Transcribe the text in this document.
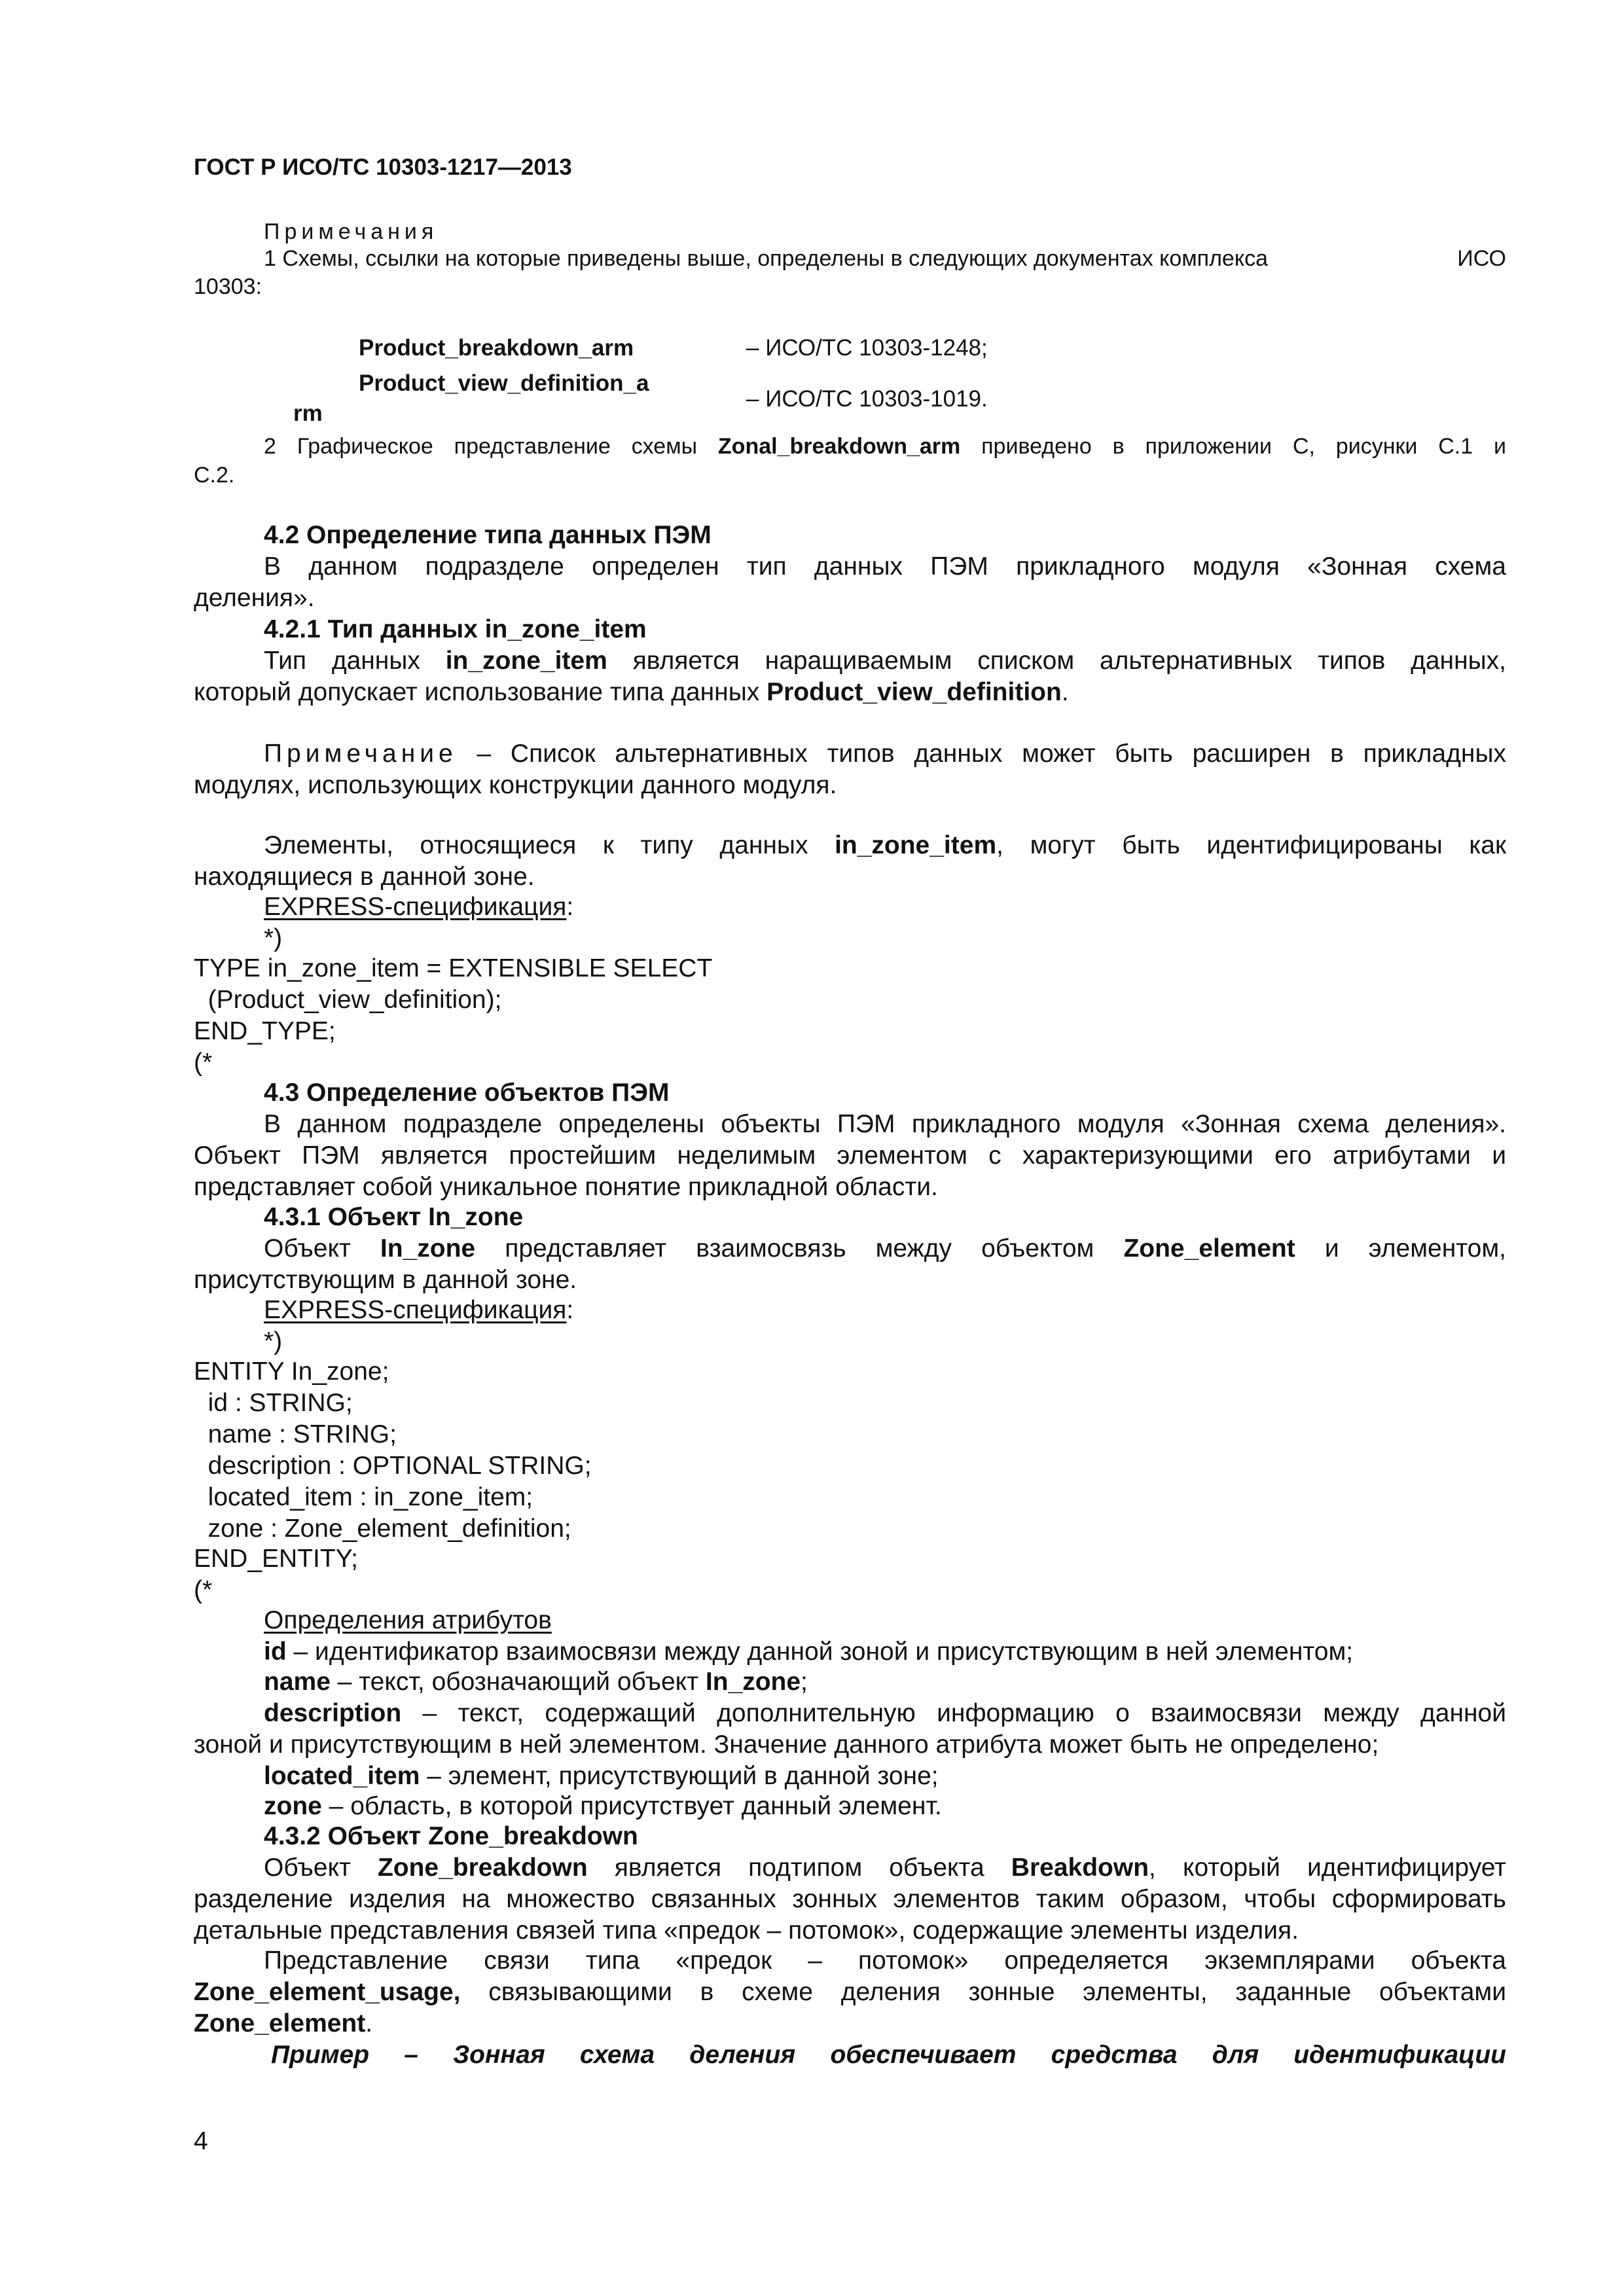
ГОСТ Р ИСО/ТС 10303-1217—2013
Примечания
1 Схемы, ссылки на которые приведены выше, определены в следующих документах комплекса	ИСО
10303:
Product_breakdown_arm	– ИСО/ТС 10303-1248;
Product_view_definition_a
rm
– ИСО/ТС 10303-1019.
2 Графическое представление схемы Zonal_breakdown_arm приведено в приложении С, рисунки С.1 и
С.2.
4.2 Определение типа данных ПЭМ
В данном подразделе определен тип данных ПЭМ прикладного модуля «Зонная схема
деления».
4.2.1 Тип данных in_zone_item
Тип данных in_zone_item является наращиваемым списком альтернативных типов данных,
который допускает использование типа данных Product_view_definition.
Примечание – Список альтернативных типов данных может быть расширен в прикладных
модулях, использующих конструкции данного модуля.
Элементы, относящиеся к типу данных in_zone_item, могут быть идентифицированы как
находящиеся в данной зоне.
EXPRESS-спецификация:
*)
TYPE in_zone_item = EXTENSIBLE SELECT
(Product_view_definition);
END_TYPE;
(*
4.3 Определение объектов ПЭМ
В данном подразделе определены объекты ПЭМ прикладного модуля «Зонная схема деления».
Объект ПЭМ является простейшим неделимым элементом с характеризующими его атрибутами и
представляет собой уникальное понятие прикладной области.
4.3.1 Объект In_zone
Объект In_zone представляет взаимосвязь между объектом Zone_element и элементом,
присутствующим в данной зоне.
EXPRESS-спецификация:
*)
ENTITY In_zone;
id : STRING;
name : STRING;
description : OPTIONAL STRING;
located_item : in_zone_item;
zone : Zone_element_definition;
END_ENTITY;
(*
Определения атрибутов
id – идентификатор взаимосвязи между данной зоной и присутствующим в ней элементом;
name – текст, обозначающий объект In_zone;
description – текст, содержащий дополнительную информацию о взаимосвязи между данной
зоной и присутствующим в ней элементом. Значение данного атрибута может быть не определено;
located_item – элемент, присутствующий в данной зоне;
zone – область, в которой присутствует данный элемент.
4.3.2 Объект Zone_breakdown
Объект Zone_breakdown является подтипом объекта Breakdown, который идентифицирует
разделение изделия на множество связанных зонных элементов таким образом, чтобы сформировать
детальные представления связей типа «предок – потомок», содержащие элементы изделия.
Представление связи типа «предок – потомок» определяется экземплярами объекта
Zone_element_usage, связывающими в схеме деления зонные элементы, заданные объектами
Zone_element.
Пример – Зонная схема деления обеспечивает средства для идентификации
4
